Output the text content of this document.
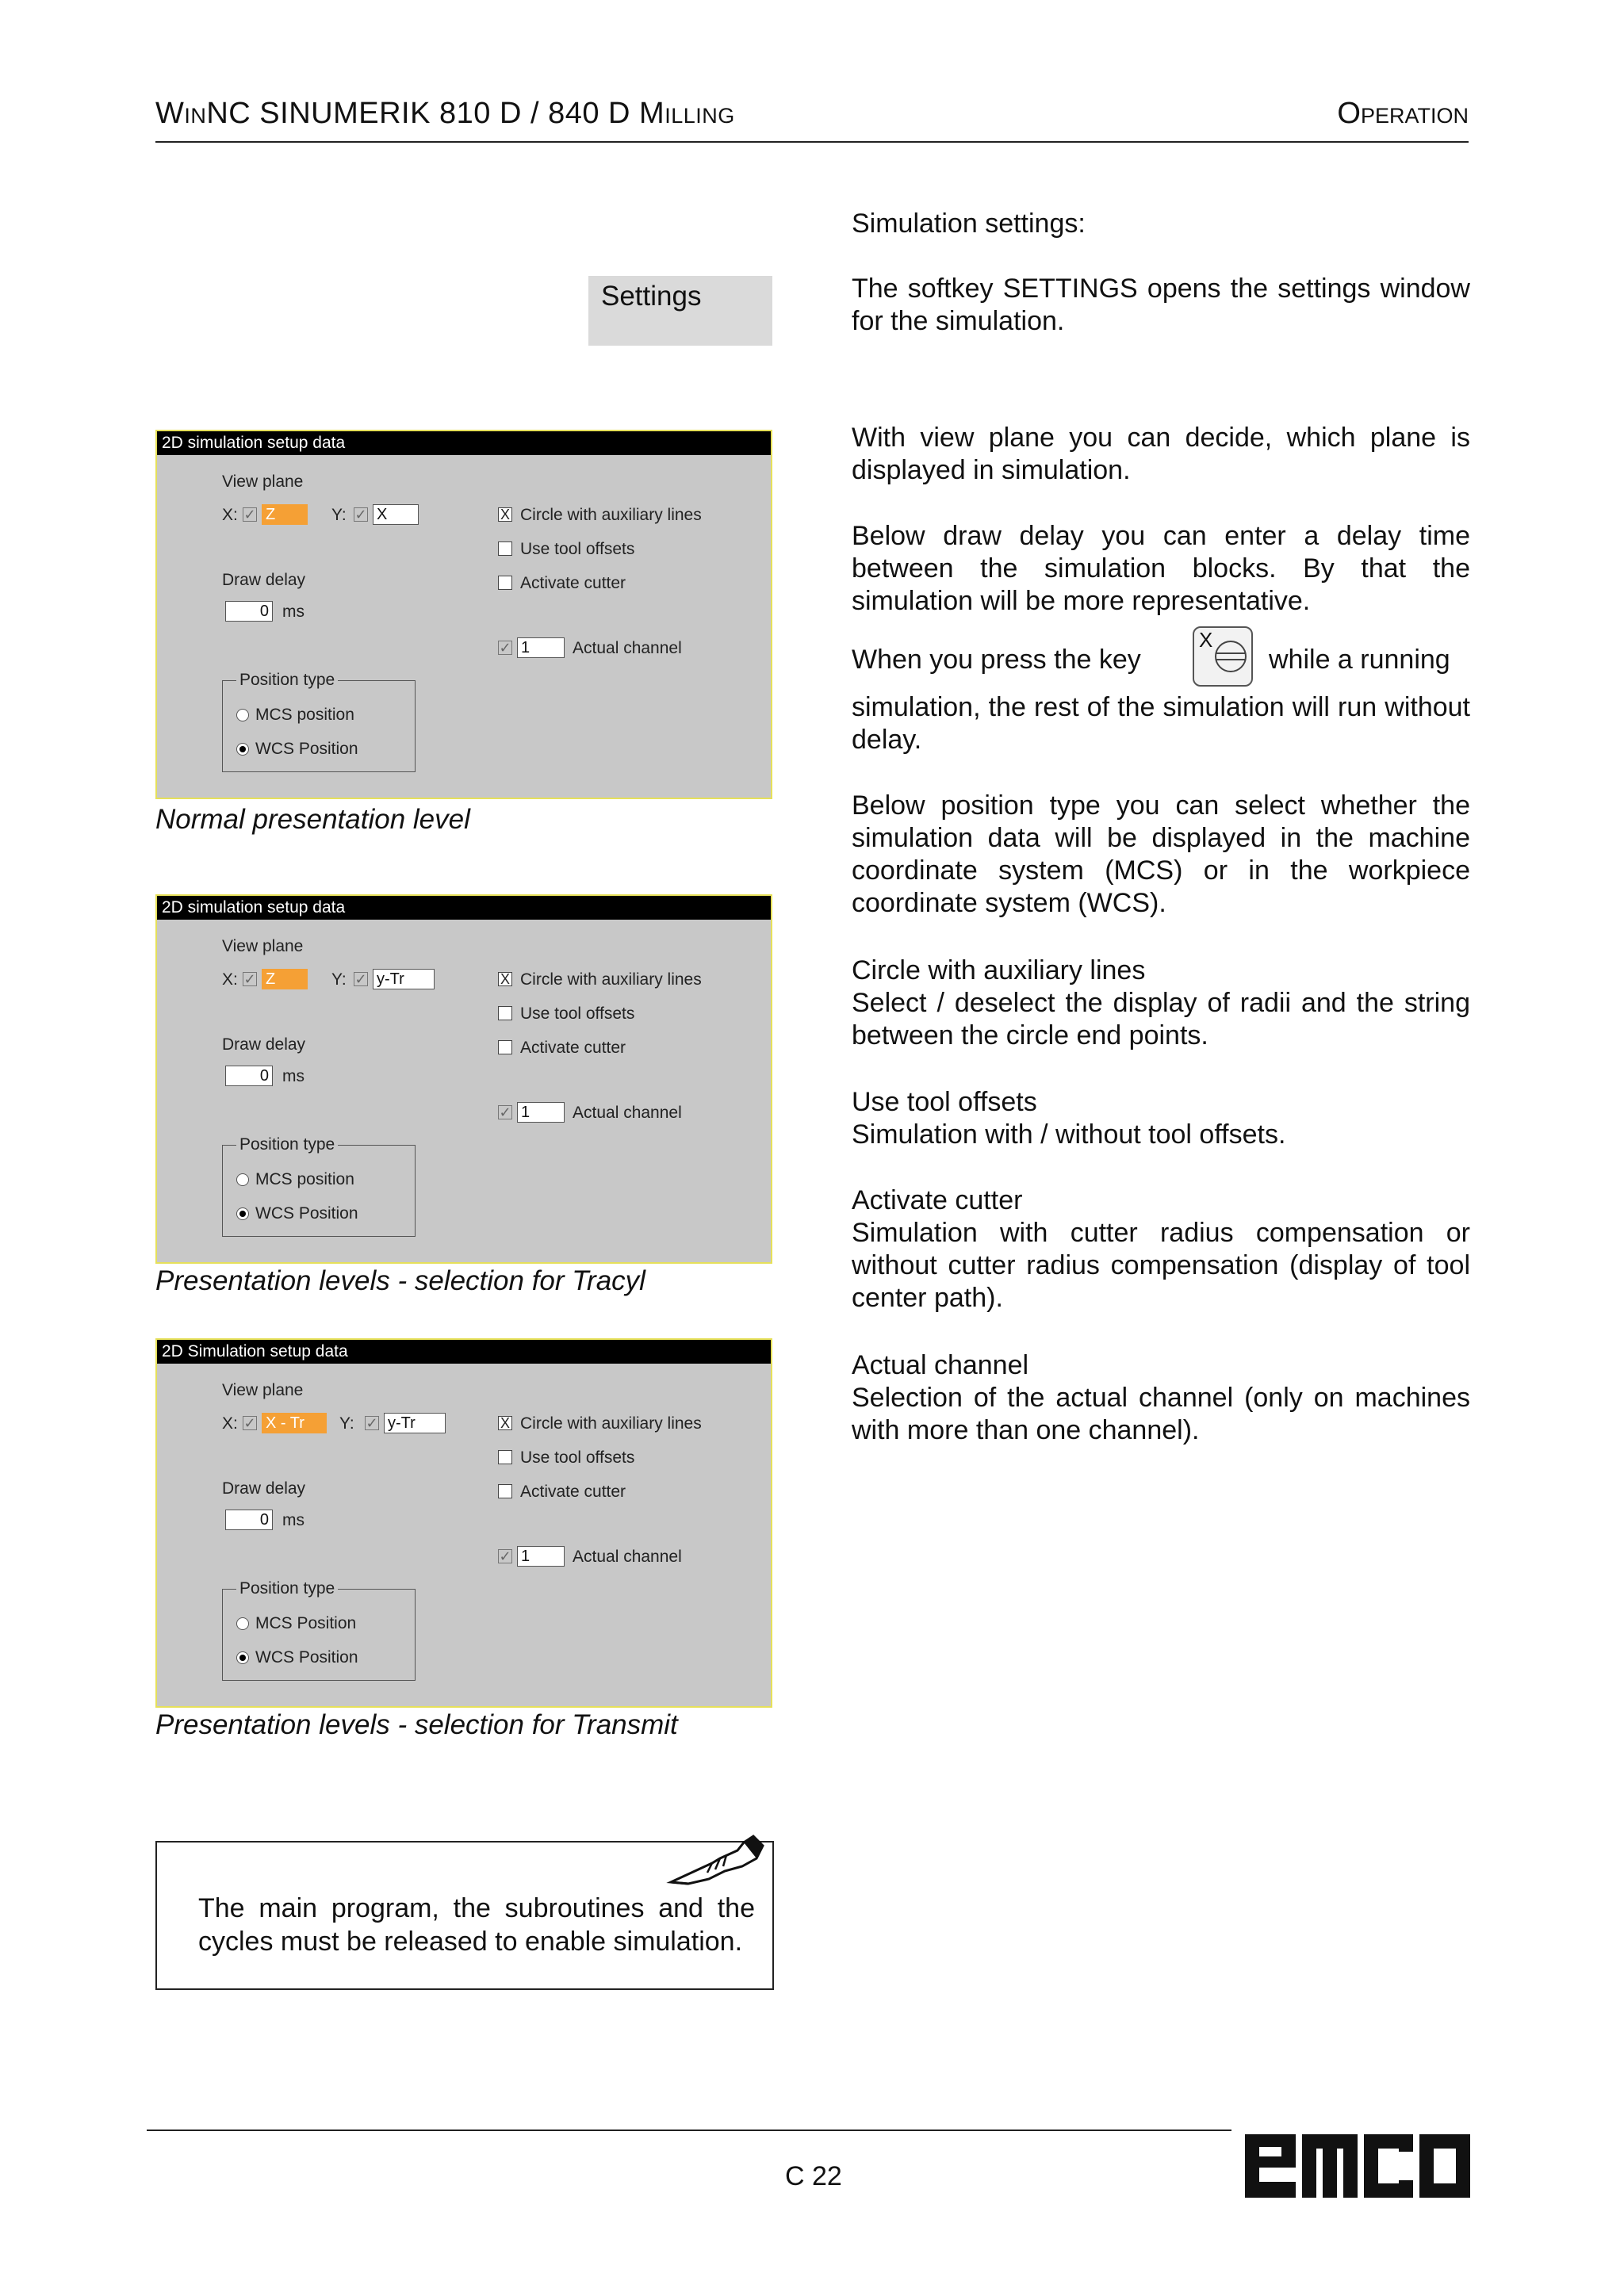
WinNC SINUMERIK 810 D / 840 D Milling	Operation
Settings

Simulation settings:

The softkey SETTINGS opens the settings window for the simulation.

With view plane you can decide, which plane is displayed in simulation.

Below draw delay you can enter a delay time between the simulation blocks. By that the simulation will be more representative.

When you press the key	while a running
X

simulation, the rest of the simulation will run without delay.

Below position type you can select whether the simulation data will be displayed in the machine coordinate system (MCS) or in the workpiece coordinate system (WCS).

Circle with auxiliary lines

Select / deselect the display of radii and the string between the circle end points.

Use tool offsets

Simulation with / without tool offsets.

Activate cutter

Simulation with cutter radius compensation or without cutter radius compensation (display of tool center path).

Actual channel

Selection of the actual channel (only on machines with more than one channel).

2D simulation setup data
View plane
X: ✓ Z	Y: ✓ X
Draw delay
0 ms
X Circle with auxiliary lines
Use tool offsets
Activate cutter
✓ 1	Actual channel
Position type
MCS position
WCS Position
Normal presentation level
2D simulation setup data
View plane
X: ✓ Z	Y: ✓ y-Tr
Draw delay
0 ms
X Circle with auxiliary lines
Use tool offsets
Activate cutter
✓ 1	Actual channel
Position type
MCS position
WCS Position
Presentation levels - selection for Tracyl
2D Simulation setup data
View plane
X: ✓ X - Tr	Y: ✓ y-Tr
Draw delay
0 ms
X Circle with auxiliary lines
Use tool offsets
Activate cutter
✓ 1	Actual channel
Position type
MCS Position
WCS Position
Presentation levels - selection for Transmit

The main program, the subroutines and the cycles must be released to enable simulation.

C 22
